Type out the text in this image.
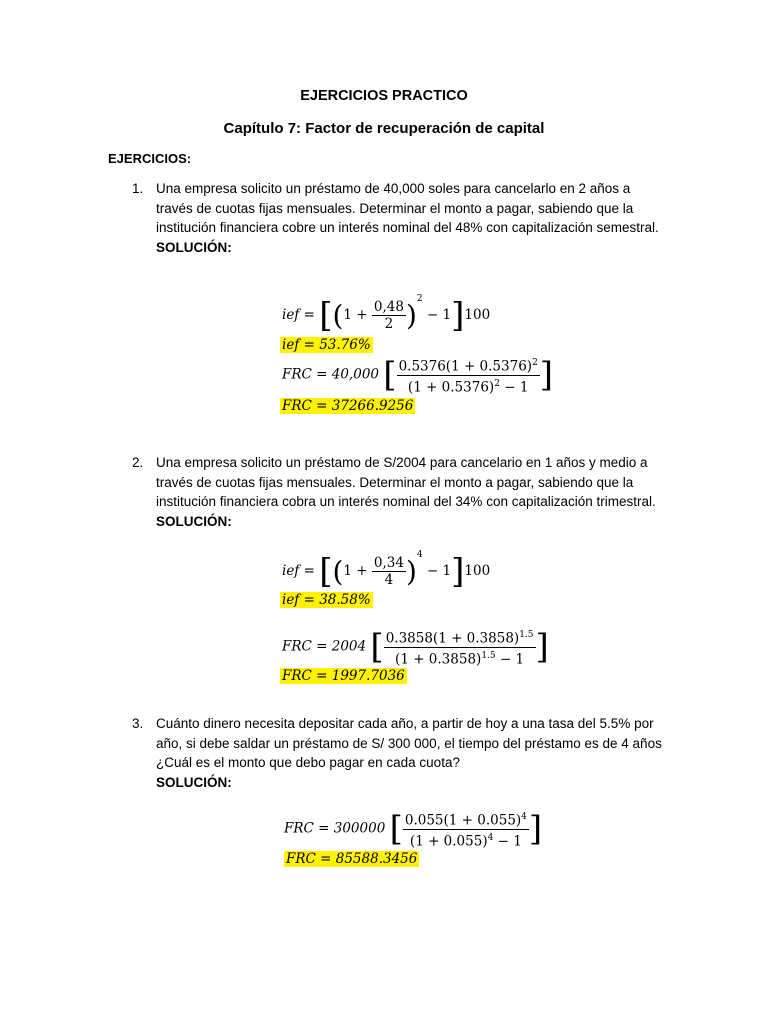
EJERCICIOS PRACTICO
Capítulo 7: Factor de recuperación de capital
EJERCICIOS:
1. Una empresa solicito un préstamo de 40,000 soles para cancelarlo en 2 años a través de cuotas fijas mensuales. Determinar el monto a pagar, sabiendo que la institución financiera cobre un interés nominal del 48% con capitalización semestral.
SOLUCIÓN:
ief = $[(1 + \frac{0,48}{2} )^2 - 1]100$
ief = 53.76%
FRC = 40,000 [ $\frac{0.5376(1 + 0.5376)^2}{(1 + 0.5376)^2 - 1}$ ]
FRC = 37266.9256
2. Una empresa solicito un préstamo de S/2004 para cancelario en 1 años y medio a través de cuotas fijas mensuales. Determinar el monto a pagar, sabiendo que la institución financiera cobra un interés nominal del 34% con capitalización trimestral.
SOLUCIÓN:
ief = $[(1 + \frac{0,34}{4} )^4 - 1]100$
ief = 38.58%
FRC = 2004 [ $\frac{0.3858(1 + 0.3858)^{1.5}}{(1 + 0.3858)^{1.5} - 1}$ ]
FRC = 1997.7036
3. Cuánto dinero necesita depositar cada año, a partir de hoy a una tasa del 5.5% por año, si debe saldar un préstamo de S/ 300 000, el tiempo del préstamo es de 4 años ¿Cuál es el monto que debo pagar en cada cuota?
SOLUCIÓN:
FRC = 300000 [ $\frac{0.055(1 + 0.055)^4}{(1 + 0.055)^4 - 1}$ ]
FRC = 85588.3456
